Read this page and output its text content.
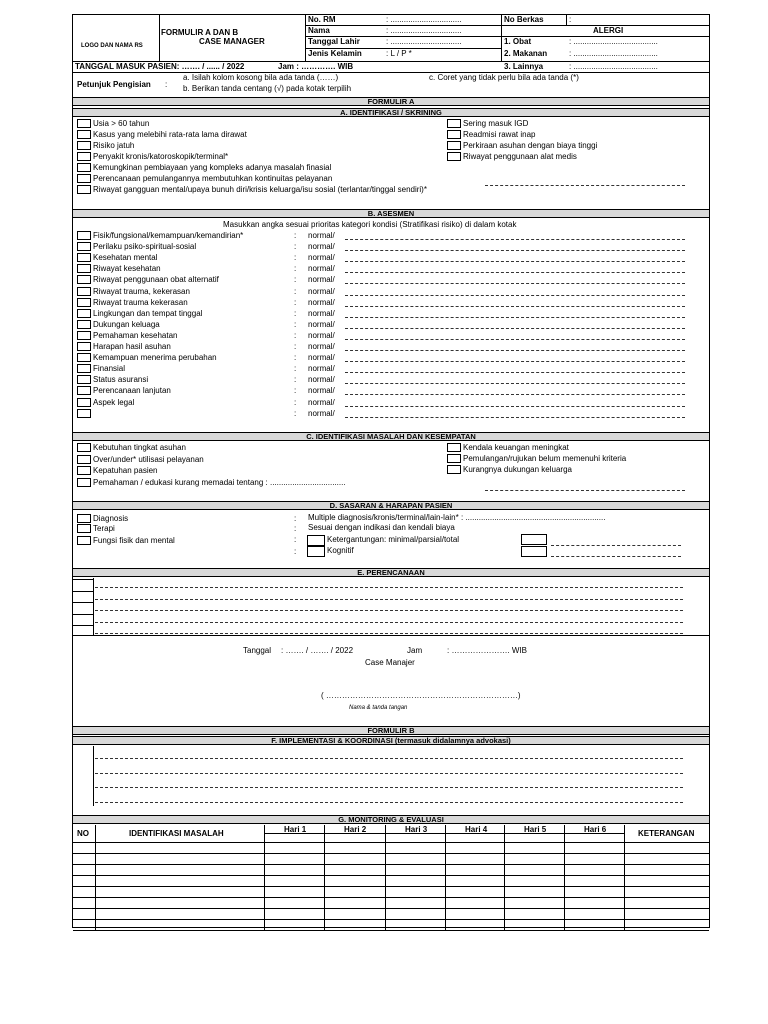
LOGO DAN NAMA RS
FORMULIR A DAN B
CASE MANAGER
No. RM	: ................................
Nama	: ................................
Tanggal Lahir	: ................................
Jenis Kelamin	: L / P *
No Berkas	:
ALERGI
1. Obat	: ......................................
2. Makanan	: ......................................
3. Lainnya	: ......................................
TANGGAL MASUK PASIEN: ……. / ...... / 2022	Jam : …………. WIB
Petunjuk Pengisian :
a. Isilah kolom kosong bila ada tanda (……)
b. Berikan tanda centang (√) pada kotak terpilih
c. Coret yang tidak perlu bila ada tanda (*)
FORMULIR A
A. IDENTIFIKASI / SKRINING
Usia > 60 tahun
Kasus yang melebihi rata-rata lama dirawat
Risiko jatuh
Penyakit kronis/katoroskopik/terminal*
Kemungkinan pembiayaan yang kompleks adanya masalah finasial
Perencanaan pemulangannya membutuhkan kontinuitas pelayanan
Riwayat gangguan mental/upaya bunuh diri/krisis keluarga/isu sosial (terlantar/tinggal sendiri)*
Sering masuk IGD
Readmisi rawat inap
Perkiraan asuhan dengan biaya tinggi
Riwayat penggunaan alat medis
B. ASESMEN
Masukkan angka sesuai prioritas kategori kondisi (Stratifikasi risiko) di dalam kotak
Fisik/fungsional/kemampuan/kemandirian*	: normal/
Perilaku psiko-spiritual-sosial	: normal/
Kesehatan mental	: normal/
Riwayat kesehatan	: normal/
Riwayat penggunaan obat alternatif	: normal/
Riwayat trauma, kekerasan	: normal/
Riwayat trauma kekerasan	: normal/
Lingkungan dan tempat tinggal	: normal/
Dukungan keluaga	: normal/
Pemahaman kesehatan	: normal/
Harapan hasil asuhan	: normal/
Kemampuan menerima perubahan	: normal/
Finansial	: normal/
Status asuransi	: normal/
Perencanaan lanjutan	: normal/
Aspek legal	: normal/
: normal/
C. IDENTIFIKASI MASALAH DAN KESEMPATAN
Kebutuhan tingkat asuhan
Over/under* utilisasi pelayanan
Kepatuhan pasien
Pemahaman / edukasi kurang memadai tentang : ..................................
Kendala keuangan meningkat
Pemulangan/rujukan belum memenuhi kriteria
Kurangnya dukungan keluarga
D. SASARAN & HARAPAN PASIEN
Diagnosis	: Multiple diagnosis/kronis/terminal/lain-lain* : ...............................................................
Terapi	: Sesuai dengan indikasi dan kendali biaya
Fungsi fisik dan mental	:
:
Ketergantungan: minimal/parsial/total
Kognitif
E. PERENCANAAN
Tanggal : ……. / ……. / 2022	Jam	: …………………. WIB
Case Manajer
( ………………………………………………………………)
Nama & tanda tangan
FORMULIR B
F. IMPLEMENTASI & KOORDINASI (termasuk didalamnya advokasi)
G. MONITORING & EVALUASI
NO	IDENTIFIKASI MASALAH	Hari 1	Hari 2	Hari 3	Hari 4	Hari 5	Hari 6	KETERANGAN
